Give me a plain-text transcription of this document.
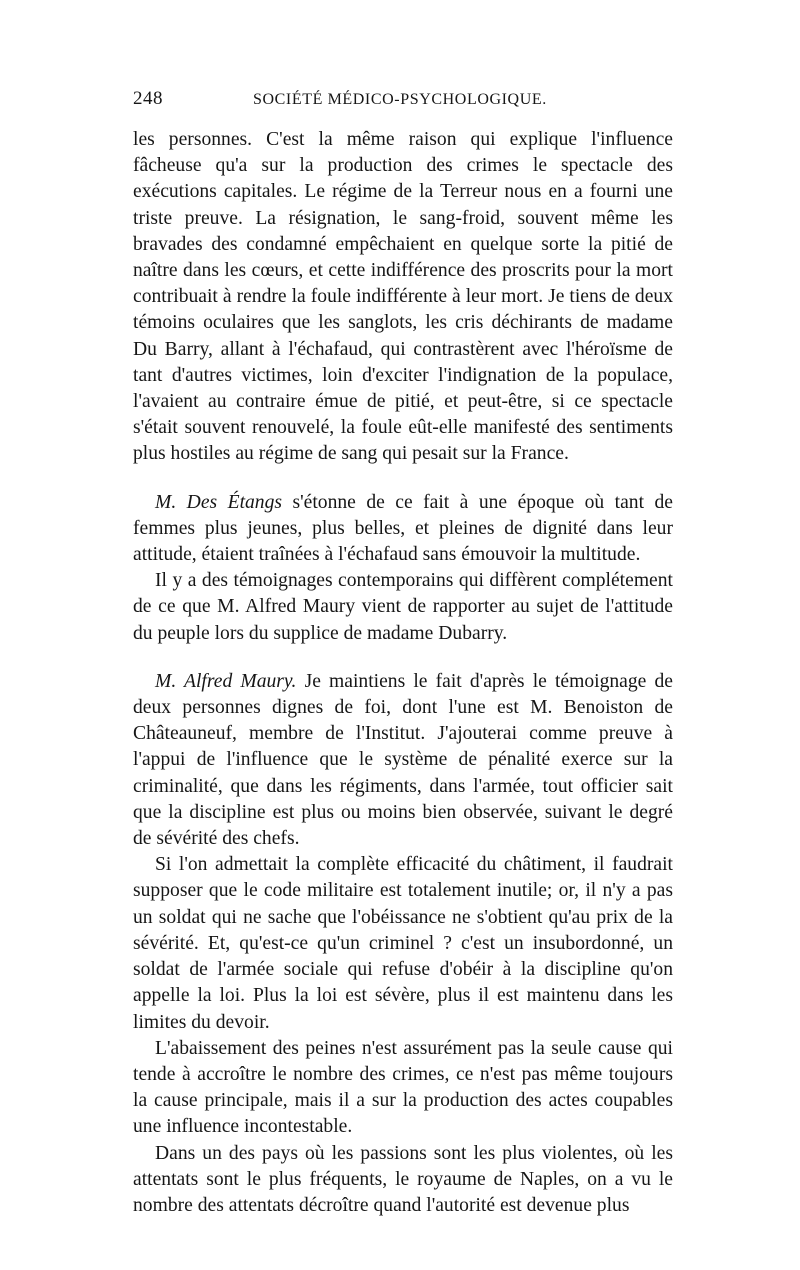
248	SOCIÉTÉ MÉDICO-PSYCHOLOGIQUE.

les personnes. C'est la même raison qui explique l'influence fâcheuse qu'a sur la production des crimes le spectacle des exécutions capitales. Le régime de la Terreur nous en a fourni une triste preuve. La résignation, le sang-froid, souvent même les bravades des condamné empêchaient en quelque sorte la pitié de naître dans les cœurs, et cette indifférence des proscrits pour la mort contribuait à rendre la foule indifférente à leur mort. Je tiens de deux témoins oculaires que les sanglots, les cris déchirants de madame Du Barry, allant à l'échafaud, qui contrastèrent avec l'héroïsme de tant d'autres victimes, loin d'exciter l'indignation de la populace, l'avaient au contraire émue de pitié, et peut-être, si ce spectacle s'était souvent renouvelé, la foule eût-elle manifesté des sentiments plus hostiles au régime de sang qui pesait sur la France.

M. Des Étangs s'étonne de ce fait à une époque où tant de femmes plus jeunes, plus belles, et pleines de dignité dans leur attitude, étaient traînées à l'échafaud sans émouvoir la multitude.

Il y a des témoignages contemporains qui diffèrent complétement de ce que M. Alfred Maury vient de rapporter au sujet de l'attitude du peuple lors du supplice de madame Dubarry.

M. Alfred Maury. Je maintiens le fait d'après le témoignage de deux personnes dignes de foi, dont l'une est M. Benoiston de Châteauneuf, membre de l'Institut. J'ajouterai comme preuve à l'appui de l'influence que le système de pénalité exerce sur la criminalité, que dans les régiments, dans l'armée, tout officier sait que la discipline est plus ou moins bien observée, suivant le degré de sévérité des chefs.

Si l'on admettait la complète efficacité du châtiment, il faudrait supposer que le code militaire est totalement inutile; or, il n'y a pas un soldat qui ne sache que l'obéissance ne s'obtient qu'au prix de la sévérité. Et, qu'est-ce qu'un criminel ? c'est un insubordonné, un soldat de l'armée sociale qui refuse d'obéir à la discipline qu'on appelle la loi. Plus la loi est sévère, plus il est maintenu dans les limites du devoir.

L'abaissement des peines n'est assurément pas la seule cause qui tende à accroître le nombre des crimes, ce n'est pas même toujours la cause principale, mais il a sur la production des actes coupables une influence incontestable.

Dans un des pays où les passions sont les plus violentes, où les attentats sont le plus fréquents, le royaume de Naples, on a vu le nombre des attentats décroître quand l'autorité est devenue plus
